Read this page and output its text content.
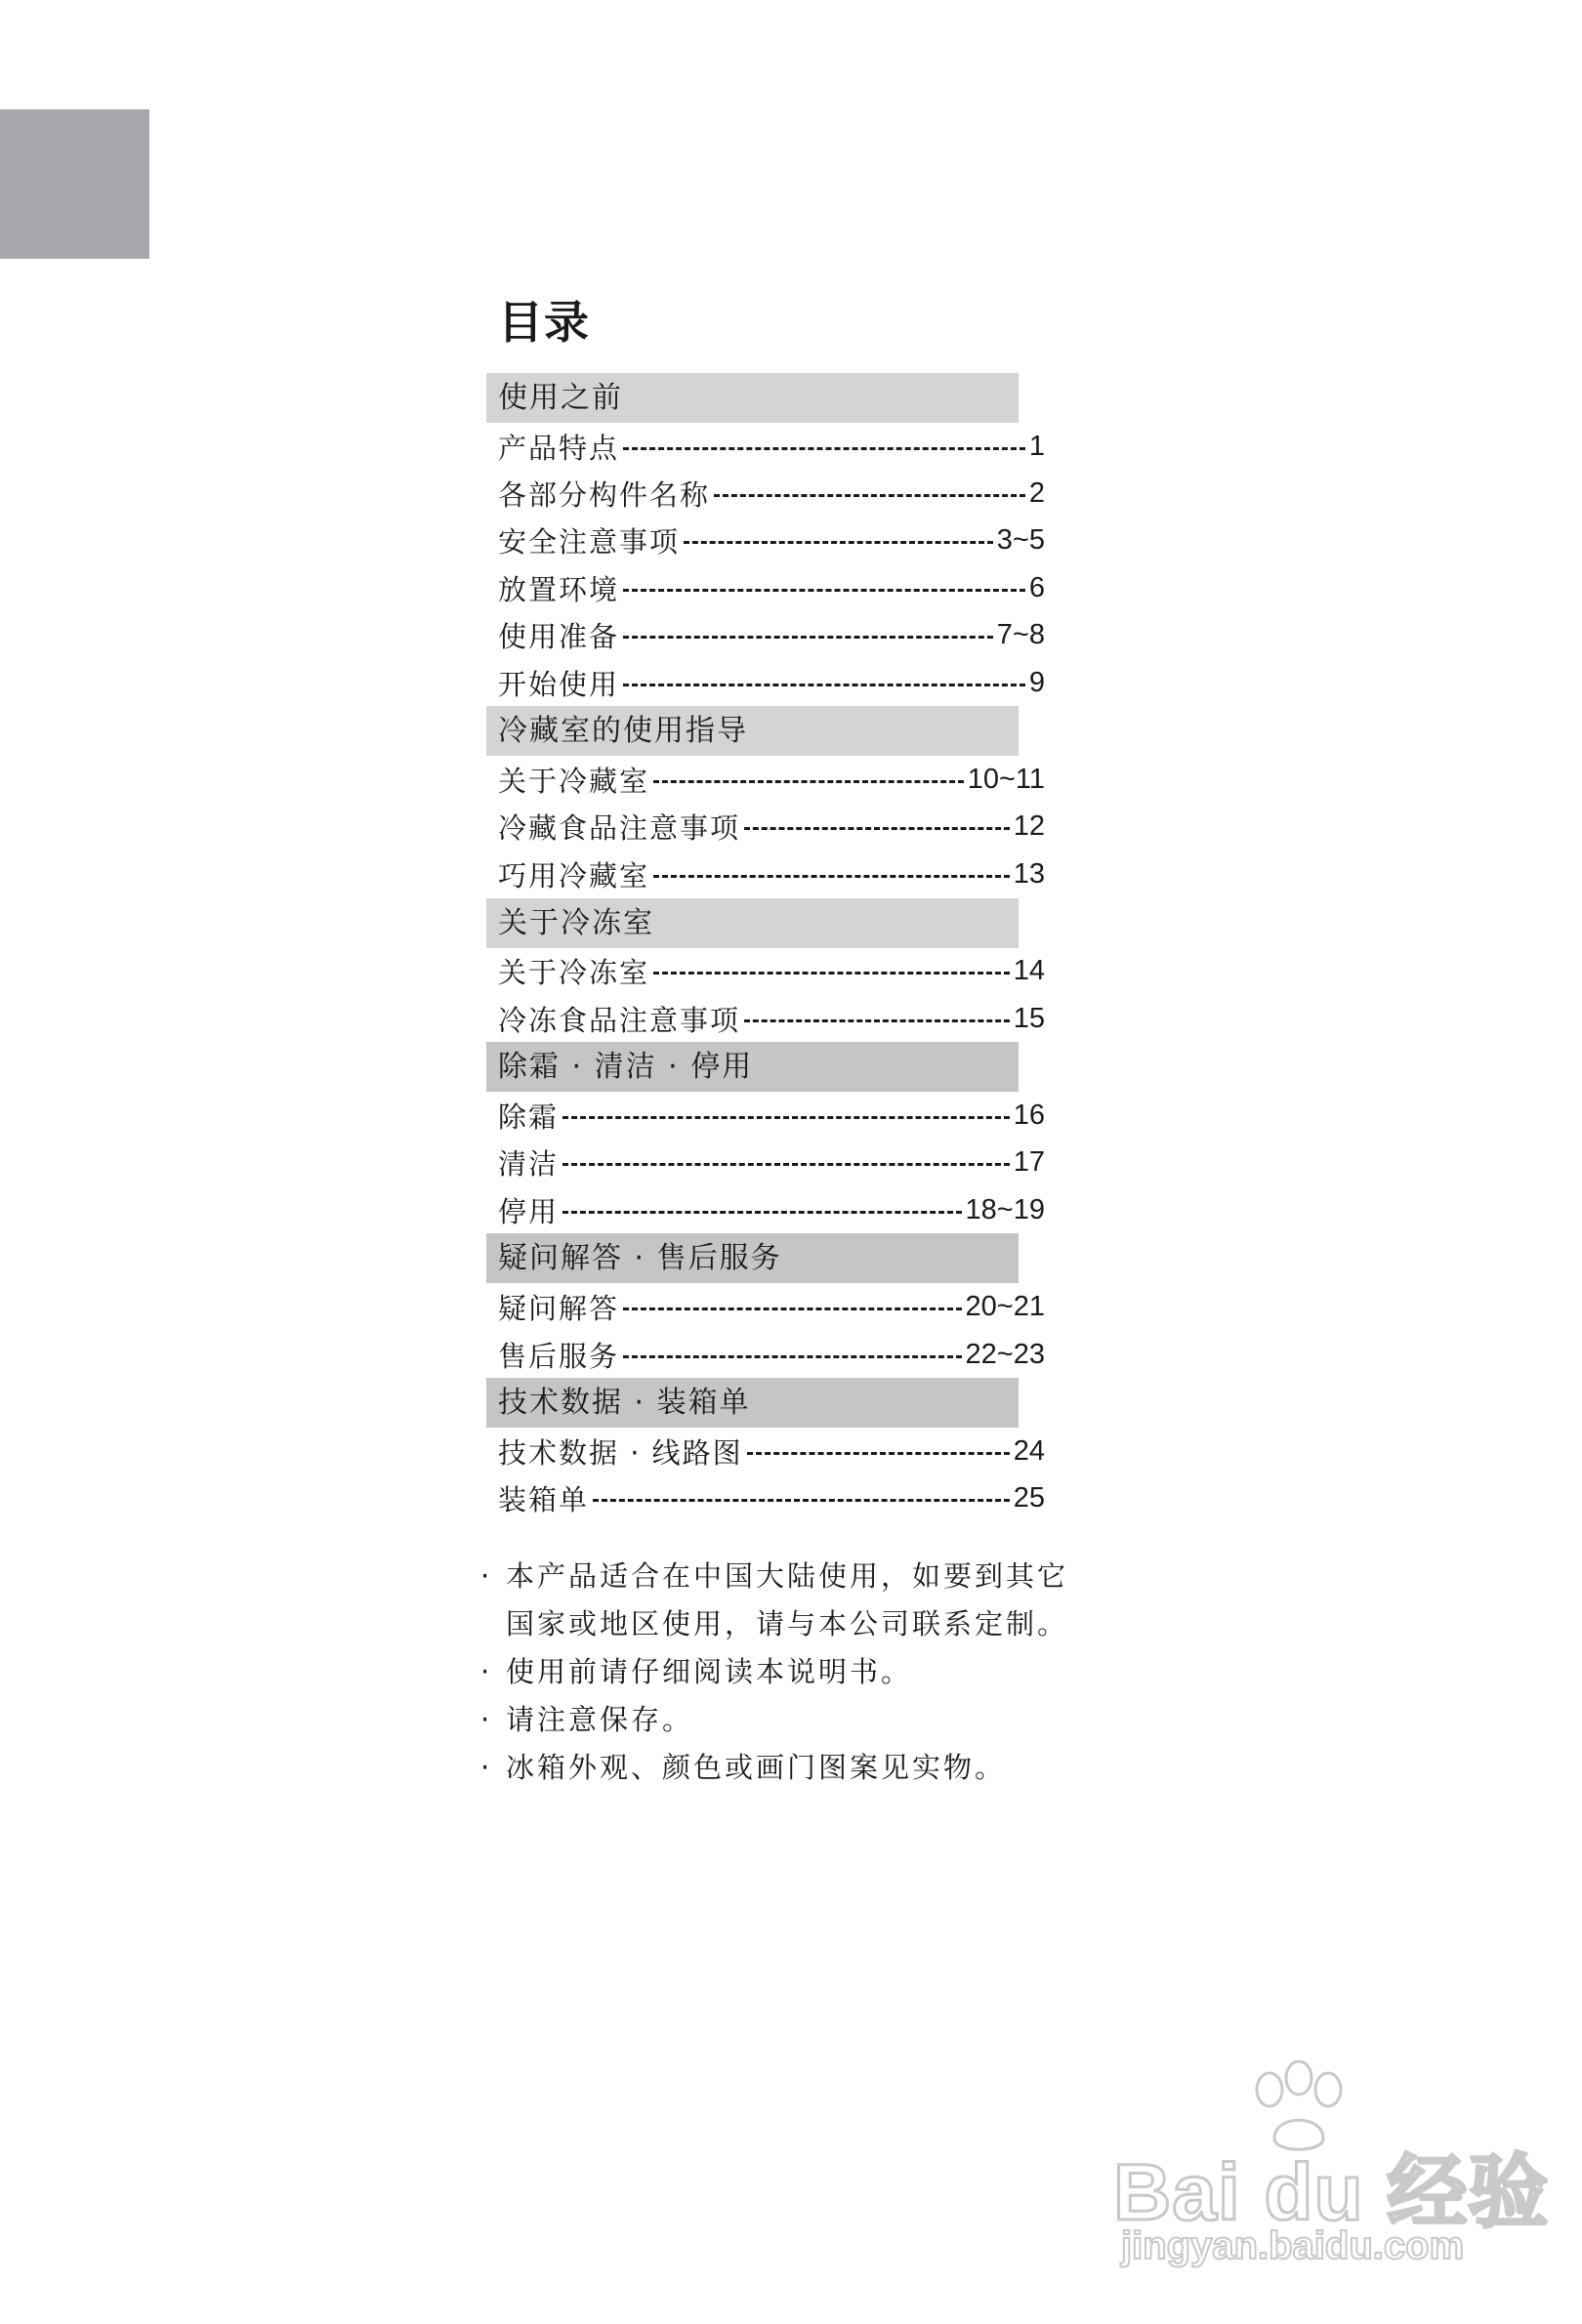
目录
使用之前
产品特点	1
各部分构件名称	2
安全注意事项	3~5
放置环境	6
使用准备	7~8
开始使用	9
冷藏室的使用指导
关于冷藏室	10~11
冷藏食品注意事项	12
巧用冷藏室	13
关于冷冻室
关于冷冻室	14
冷冻食品注意事项	15
除霜 · 清洁 · 停用
除霜	16
清洁	17
停用	18~19
疑问解答 · 售后服务
疑问解答	20~21
售后服务	22~23
技术数据 · 装箱单
技术数据 · 线路图	24
装箱单	25
· 本产品适合在中国大陆使用，如要到其它
国家或地区使用，请与本公司联系定制。
· 使用前请仔细阅读本说明书。
· 请注意保存。
· 冰箱外观、颜色或画门图案见实物。
Bai du 经验
jingyan.baidu.com
